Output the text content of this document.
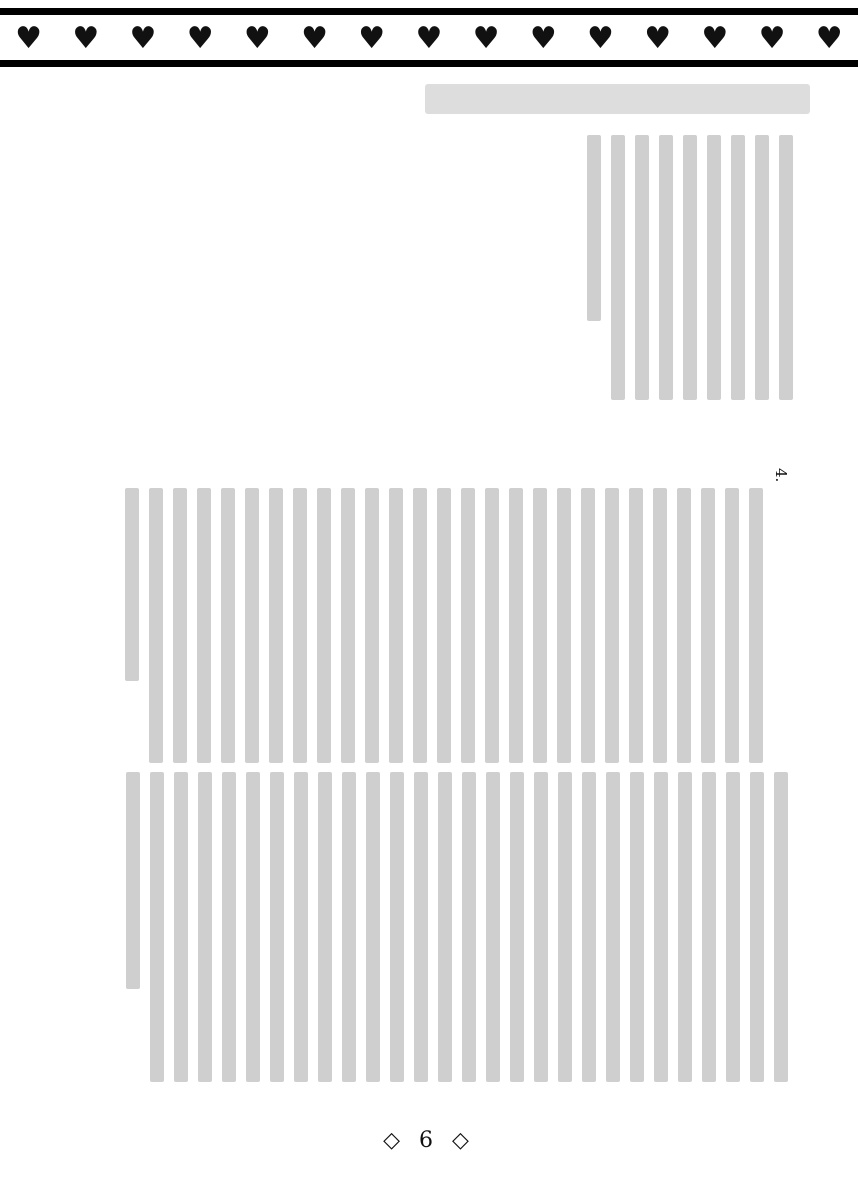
♥ ♥ ♥ ♥ ♥ ♥ ♥ ♥ ♥ ♥ ♥ ♥ ♥ ♥ ♥
4.
◇ 6 ◇
